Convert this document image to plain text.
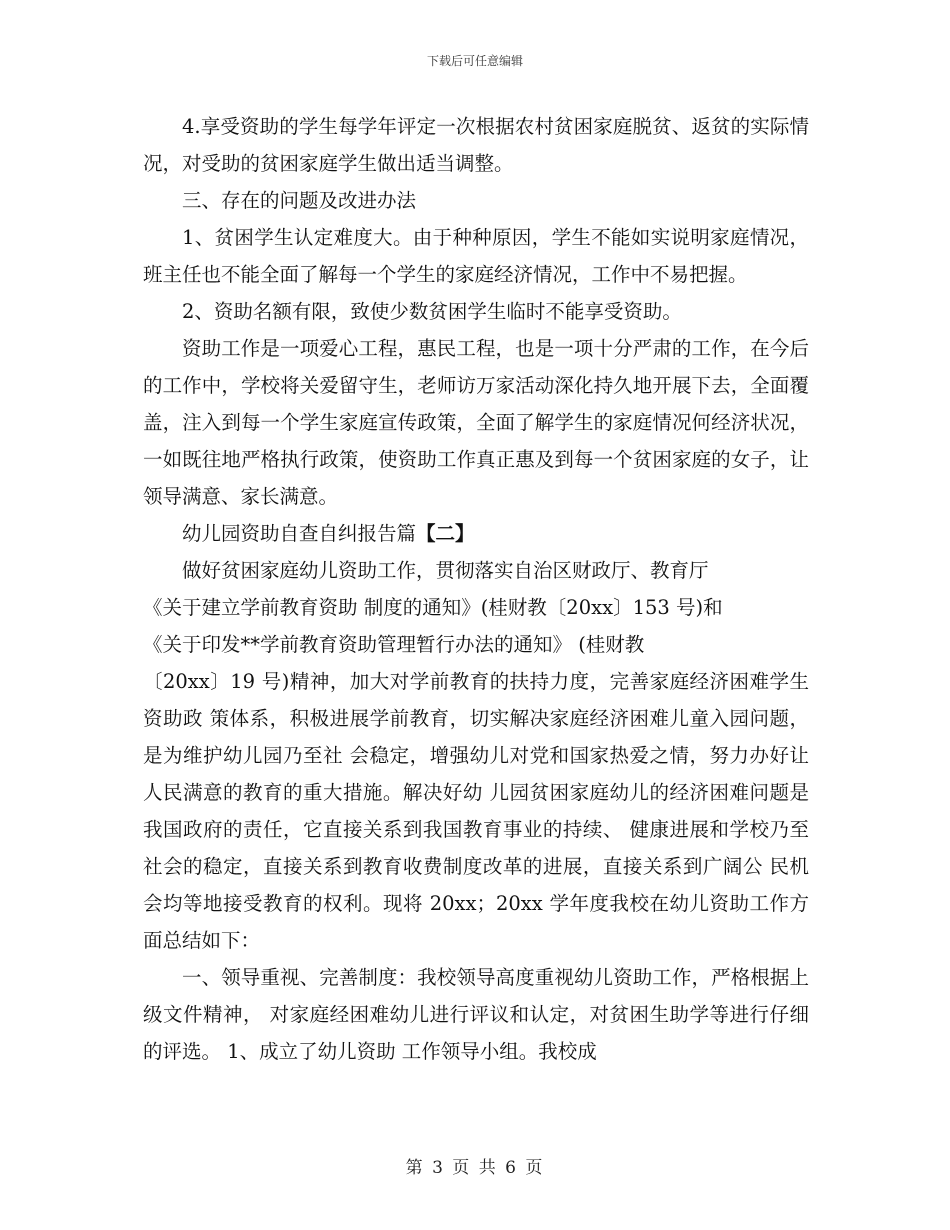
下载后可任意编辑

4.享受资助的学生每学年评定一次根据农村贫困家庭脱贫、返贫的实际情况，对受助的贫困家庭学生做出适当调整。

三、存在的问题及改进办法

1、贫困学生认定难度大。由于种种原因，学生不能如实说明家庭情况，班主任也不能全面了解每一个学生的家庭经济情况，工作中不易把握。

2、资助名额有限，致使少数贫困学生临时不能享受资助。

资助工作是一项爱心工程，惠民工程，也是一项十分严肃的工作，在今后的工作中，学校将关爱留守生，老师访万家活动深化持久地开展下去，全面覆盖，注入到每一个学生家庭宣传政策，全面了解学生的家庭情况何经济状况，一如既往地严格执行政策，使资助工作真正惠及到每一个贫困家庭的女子，让领导满意、家长满意。

幼儿园资助自查自纠报告篇【二】

做好贫困家庭幼儿资助工作，贯彻落实自治区财政厅、教育厅

《关于建立学前教育资助 制度的通知》(桂财教〔20xx〕153 号)和

《关于印发**学前教育资助管理暂行办法的通知》 (桂财教

〔20xx〕19 号)精神，加大对学前教育的扶持力度，完善家庭经济困难学生资助政 策体系，积极进展学前教育，切实解决家庭经济困难儿童入园问题，是为维护幼儿园乃至社 会稳定，增强幼儿对党和国家热爱之情，努力办好让人民满意的教育的重大措施。解决好幼 儿园贫困家庭幼儿的经济困难问题是我国政府的责任，它直接关系到我国教育事业的持续、 健康进展和学校乃至社会的稳定，直接关系到教育收费制度改革的进展，直接关系到广阔公 民机会均等地接受教育的权利。现将 20xx；20xx 学年度我校在幼儿资助工作方面总结如下：

一、领导重视、完善制度：我校领导高度重视幼儿资助工作，严格根据上级文件精神， 对家庭经困难幼儿进行评议和认定，对贫困生助学等进行仔细的评选。 1、成立了幼儿资助 工作领导小组。我校成

第 3 页 共 6 页
